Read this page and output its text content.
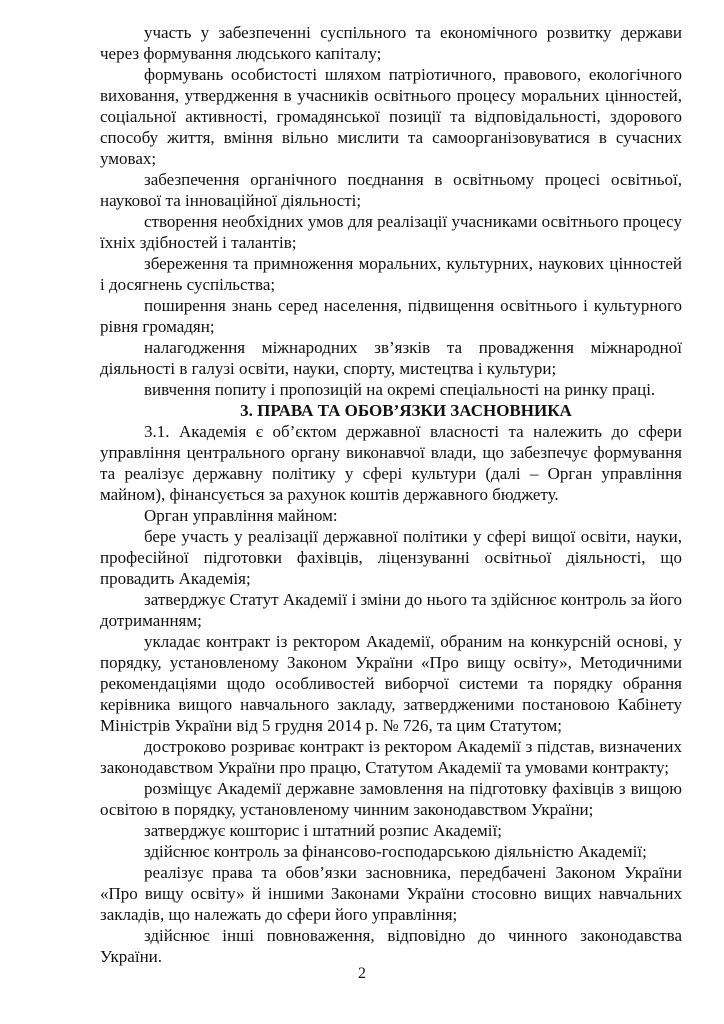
участь у забезпеченні суспільного та економічного розвитку держави через формування людського капіталу;

формувань особистості шляхом патріотичного, правового, екологічного виховання, утвердження в учасників освітнього процесу моральних цінностей, соціальної активності, громадянської позиції та відповідальності, здорового способу життя, вміння вільно мислити та самоорганізовуватися в сучасних умовах;

забезпечення органічного поєднання в освітньому процесі освітньої, наукової та інноваційної діяльності;

створення необхідних умов для реалізації учасниками освітнього процесу їхніх здібностей і талантів;

збереження та примноження моральних, культурних, наукових цінностей і досягнень суспільства;

поширення знань серед населення, підвищення освітнього і культурного рівня громадян;

налагодження міжнародних зв’язків та провадження міжнародної діяльності в галузі освіти, науки, спорту, мистецтва і культури;

вивчення попиту і пропозицій на окремі спеціальності на ринку праці.

3. ПРАВА ТА ОБОВ’ЯЗКИ ЗАСНОВНИКА

3.1. Академія є об’єктом державної власності та належить до сфери управління центрального органу виконавчої влади, що забезпечує формування та реалізує державну політику у сфері культури (далі – Орган управління майном), фінансується за рахунок коштів державного бюджету.

Орган управління майном:

бере участь у реалізації державної політики у сфері вищої освіти, науки, професійної підготовки фахівців, ліцензуванні освітньої діяльності, що провадить Академія;

затверджує Статут Академії і зміни до нього та здійснює контроль за його дотриманням;

укладає контракт із ректором Академії, обраним на конкурсній основі, у порядку, установленому Законом України «Про вищу освіту», Методичними рекомендаціями щодо особливостей виборчої системи та порядку обрання керівника вищого навчального закладу, затвердженими постановою Кабінету Міністрів України від 5 грудня 2014 р. № 726, та цим Статутом;

достроково розриває контракт із ректором Академії з підстав, визначених законодавством України про працю, Статутом Академії та умовами контракту;

розміщує Академії державне замовлення на підготовку фахівців з вищою освітою в порядку, установленому чинним законодавством України;

затверджує кошторис і штатний розпис Академії;

здійснює контроль за фінансово-господарською діяльністю Академії;

реалізує права та обов’язки засновника, передбачені Законом України «Про вищу освіту» й іншими Законами України стосовно вищих навчальних закладів, що належать до сфери його управління;

здійснює інші повноваження, відповідно до чинного законодавства України.

2
